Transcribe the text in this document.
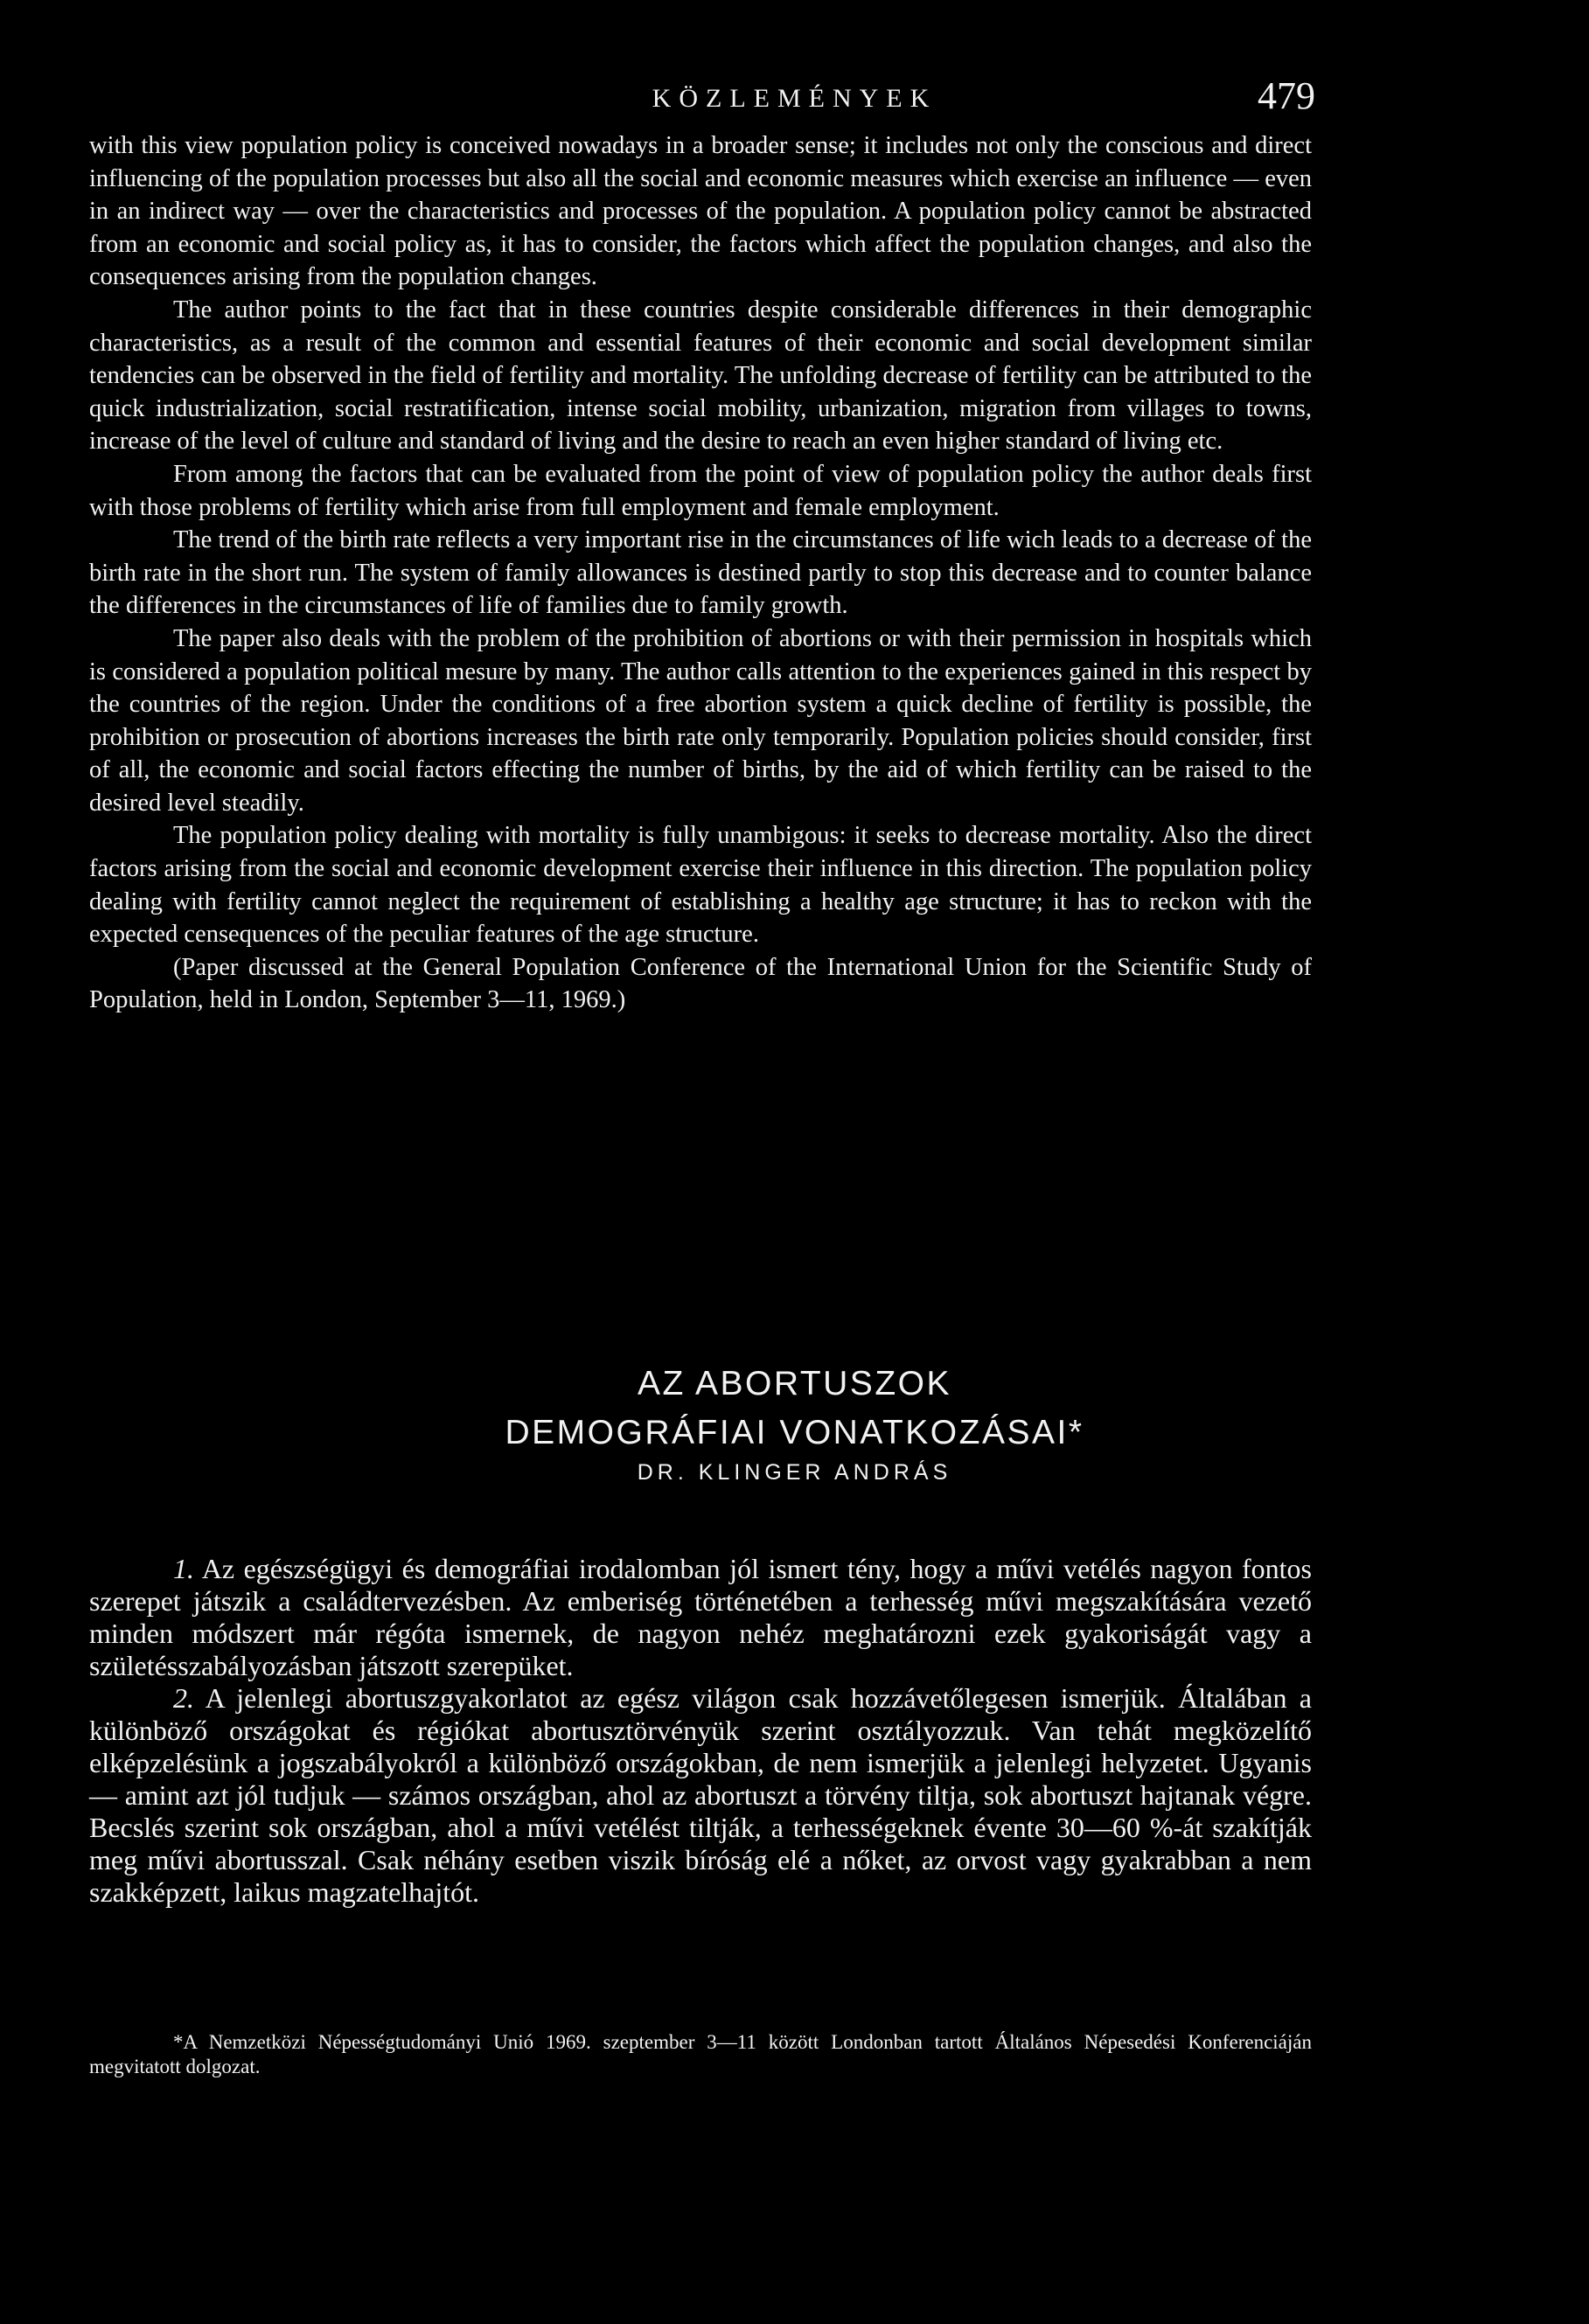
KÖZLEMÉNYEK	479

with this view population policy is conceived nowadays in a broader sense; it includes not only the conscious and direct influencing of the population processes but also all the social and economic measures which exercise an influence — even in an indirect way — over the characteristics and processes of the population. A population policy cannot be abstracted from an economic and social policy as, it has to consider, the factors which affect the population changes, and also the consequences arising from the population changes.

The author points to the fact that in these countries despite considerable differences in their demographic characteristics, as a result of the common and essential features of their economic and social development similar tendencies can be observed in the field of fertility and mortality. The unfolding decrease of fertility can be attributed to the quick industrialization, social restratification, intense social mobility, urbanization, migration from villages to towns, increase of the level of culture and standard of living and the desire to reach an even higher standard of living etc.

From among the factors that can be evaluated from the point of view of population policy the author deals first with those problems of fertility which arise from full employment and female employment.

The trend of the birth rate reflects a very important rise in the circumstances of life wich leads to a decrease of the birth rate in the short run. The system of family allowances is destined partly to stop this decrease and to counter balance the differences in the circumstances of life of families due to family growth.

The paper also deals with the problem of the prohibition of abortions or with their permission in hospitals which is considered a population political mesure by many. The author calls attention to the experiences gained in this respect by the countries of the region. Under the conditions of a free abortion system a quick decline of fertility is possible, the prohibition or prosecution of abortions increases the birth rate only temporarily. Population policies should consider, first of all, the economic and social factors effecting the number of births, by the aid of which fertility can be raised to the desired level steadily.

The population policy dealing with mortality is fully unambigous: it seeks to decrease mortality. Also the direct factors arising from the social and economic development exercise their influence in this direction. The population policy dealing with fertility cannot neglect the requirement of establishing a healthy age structure; it has to reckon with the expected censequences of the peculiar features of the age structure.

(Paper discussed at the General Population Conference of the International Union for the Scientific Study of Population, held in London, September 3—11, 1969.)

AZ ABORTUSZOK
DEMOGRÁFIAI VONATKOZÁSAI*
DR. KLINGER ANDRÁS

1. Az egészségügyi és demográfiai irodalomban jól ismert tény, hogy a művi vetélés nagyon fontos szerepet játszik a családtervezésben. Az emberiség történetében a terhesség művi megszakítására vezető minden módszert már régóta ismernek, de nagyon nehéz meghatározni ezek gyakoriságát vagy a születésszabályozásban játszott szerepüket.

2. A jelenlegi abortuszgyakorlatot az egész világon csak hozzávetőlegesen ismerjük. Általában a különböző országokat és régiókat abortusztörvényük szerint osztályozzuk. Van tehát megközelítő elképzelésünk a jogszabályokról a különböző országokban, de nem ismerjük a jelenlegi helyzetet. Ugyanis — amint azt jól tudjuk — számos országban, ahol az abortuszt a törvény tiltja, sok abortuszt hajtanak végre. Becslés szerint sok országban, ahol a művi vetélést tiltják, a terhességeknek évente 30—60 %-át szakítják meg művi abortusszal. Csak néhány esetben viszik bíróság elé a nőket, az orvost vagy gyakrabban a nem szakképzett, laikus magzatelhajtót.

*A Nemzetközi Népességtudományi Unió 1969. szeptember 3—11 között Londonban tartott Általános Népesedési Konferenciáján megvitatott dolgozat.
